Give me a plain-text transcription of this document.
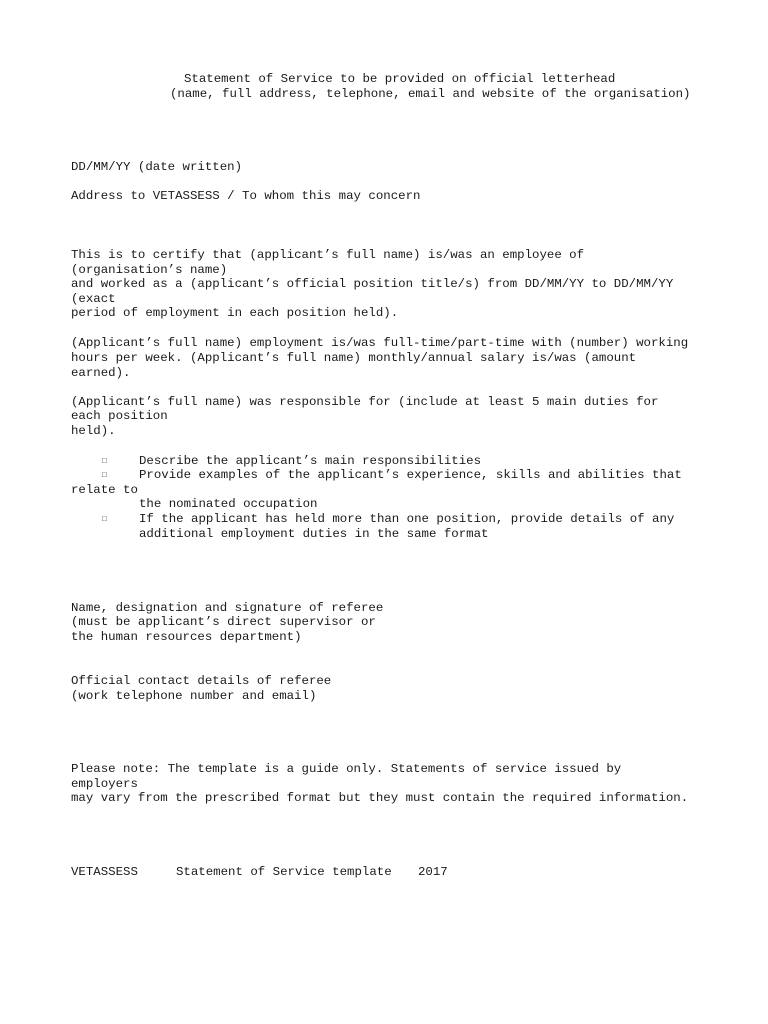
Statement of Service to be provided on official letterhead
(name, full address, telephone, email and website of the organisation)
DD/MM/YY (date written)
Address to VETASSESS / To whom this may concern
This is to certify that (applicant’s full name) is/was an employee of
(organisation’s name)
and worked as a (applicant’s official position title/s) from DD/MM/YY to DD/MM/YY
(exact
period of employment in each position held).
(Applicant’s full name) employment is/was full-time/part-time with (number) working
hours per week. (Applicant’s full name) monthly/annual salary is/was (amount
earned).
(Applicant’s full name) was responsible for (include at least 5 main duties for
each position
held).
□	Describe the applicant’s main responsibilities
□	Provide examples of the applicant’s experience, skills and abilities that
relate to
the nominated occupation
□	If the applicant has held more than one position, provide details of any
additional employment duties in the same format
Name, designation and signature of referee
(must be applicant’s direct supervisor or
the human resources department)
Official contact details of referee
(work telephone number and email)
Please note: The template is a guide only. Statements of service issued by
employers
may vary from the prescribed format but they must contain the required information.
VETASSESS	Statement of Service template 2017
